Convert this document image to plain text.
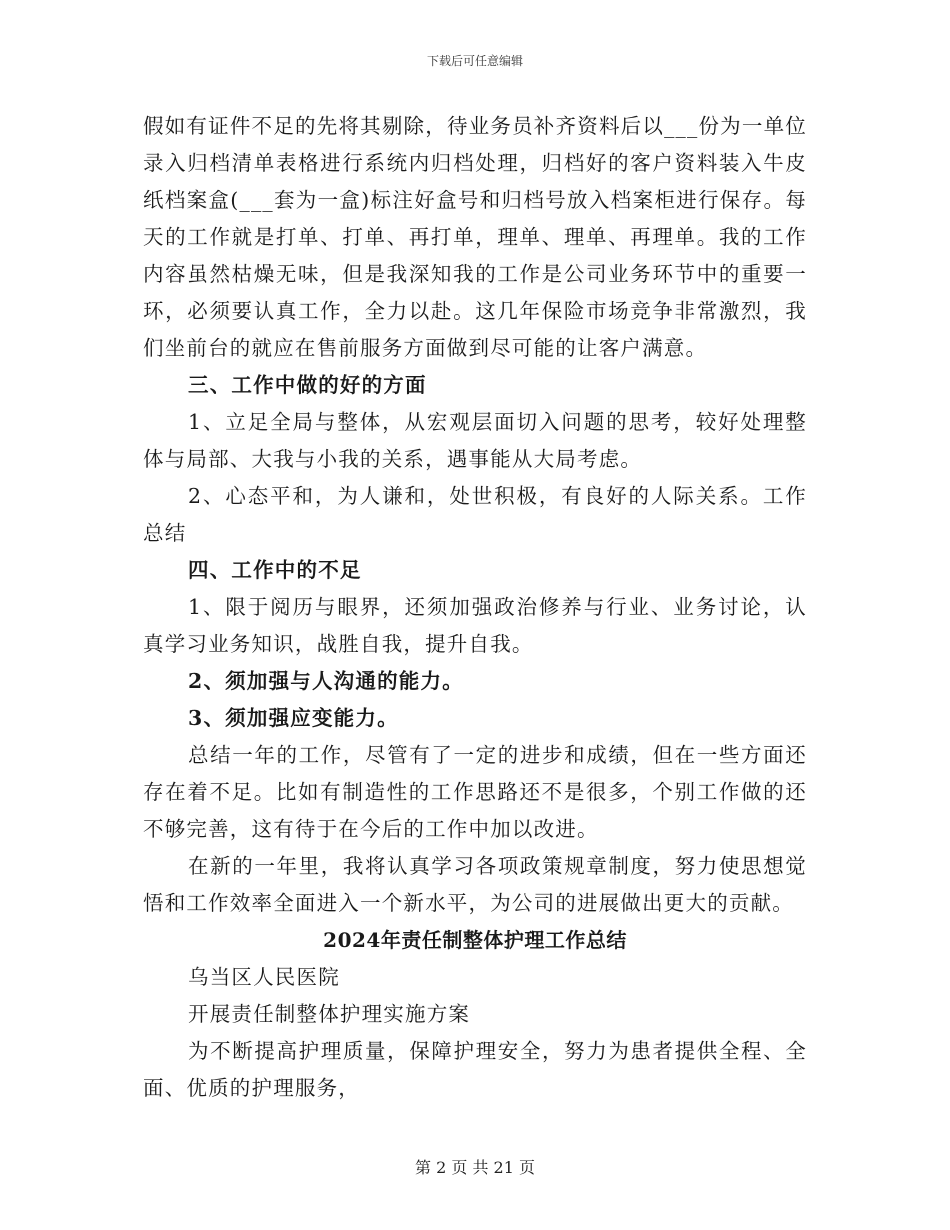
下载后可任意编辑

假如有证件不足的先将其剔除，待业务员补齐资料后以___份为一单位录入归档清单表格进行系统内归档处理，归档好的客户资料装入牛皮纸档案盒(___套为一盒)标注好盒号和归档号放入档案柜进行保存。每天的工作就是打单、打单、再打单，理单、理单、再理单。我的工作内容虽然枯燥无味，但是我深知我的工作是公司业务环节中的重要一环，必须要认真工作，全力以赴。这几年保险市场竞争非常激烈，我们坐前台的就应在售前服务方面做到尽可能的让客户满意。

三、工作中做的好的方面

1、立足全局与整体，从宏观层面切入问题的思考，较好处理整体与局部、大我与小我的关系，遇事能从大局考虑。

2、心态平和，为人谦和，处世积极，有良好的人际关系。工作总结

四、工作中的不足

1、限于阅历与眼界，还须加强政治修养与行业、业务讨论，认真学习业务知识，战胜自我，提升自我。

2、须加强与人沟通的能力。

3、须加强应变能力。

总结一年的工作，尽管有了一定的进步和成绩，但在一些方面还存在着不足。比如有制造性的工作思路还不是很多，个别工作做的还不够完善，这有待于在今后的工作中加以改进。

在新的一年里，我将认真学习各项政策规章制度，努力使思想觉悟和工作效率全面进入一个新水平，为公司的进展做出更大的贡献。

2024年责任制整体护理工作总结

乌当区人民医院

开展责任制整体护理实施方案

为不断提高护理质量，保障护理安全，努力为患者提供全程、全面、优质的护理服务，

第 2 页 共 21 页
